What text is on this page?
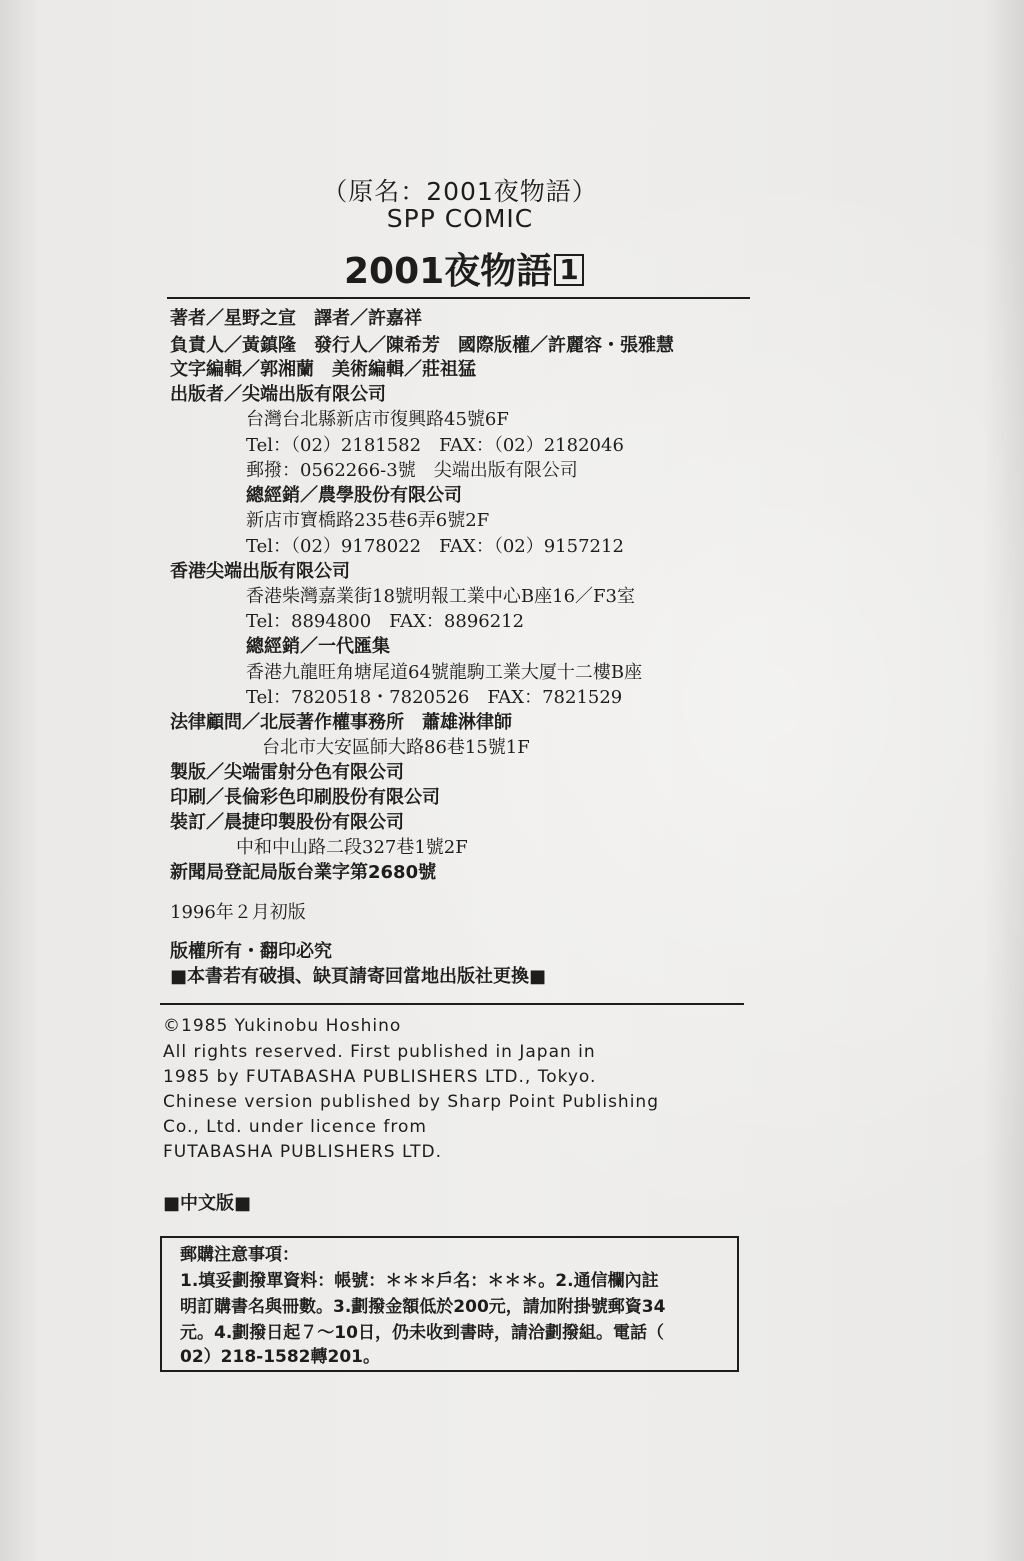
（原名：2001夜物語）
SPP COMIC
2001夜物語 1
著者／星野之宣　譯者／許嘉祥
負責人／黃鎮隆　發行人／陳希芳　國際版權／許麗容・張雅慧
文字編輯／郭湘蘭　美術編輯／莊祖猛
出版者／尖端出版有限公司
台灣台北縣新店市復興路45號6F
Tel：（02）2181582　FAX：（02）2182046
郵撥：0562266-3號　尖端出版有限公司
總經銷／農學股份有限公司
新店市寶橋路235巷6弄6號2F
Tel：（02）9178022　FAX：（02）9157212
香港尖端出版有限公司
香港柴灣嘉業街18號明報工業中心B座16／F3室
Tel：8894800　FAX：8896212
總經銷／一代匯集
香港九龍旺角塘尾道64號龍駒工業大厦十二樓B座
Tel：7820518・7820526　FAX：7821529
法律顧問／北辰著作權事務所　蕭雄淋律師
台北市大安區師大路86巷15號1F
製版／尖端雷射分色有限公司
印刷／長倫彩色印刷股份有限公司
裝訂／晨捷印製股份有限公司
中和中山路二段327巷1號2F
新聞局登記局版台業字第2680號
1996年２月初版
版權所有・翻印必究
■本書若有破損、缺頁請寄回當地出版社更換■
©1985 Yukinobu Hoshino
All rights reserved. First published in Japan in
1985 by FUTABASHA PUBLISHERS LTD., Tokyo.
Chinese version published by Sharp Point Publishing
Co., Ltd. under licence from
FUTABASHA PUBLISHERS LTD.
■中文版■
郵購注意事項：
1.填妥劃撥單資料：帳號：＊＊＊戶名：＊＊＊。2.通信欄內註
明訂購書名與冊數。3.劃撥金額低於200元，請加附掛號郵資34
元。4.劃撥日起７～10日，仍未收到書時，請洽劃撥組。電話（
02）218-1582轉201。
